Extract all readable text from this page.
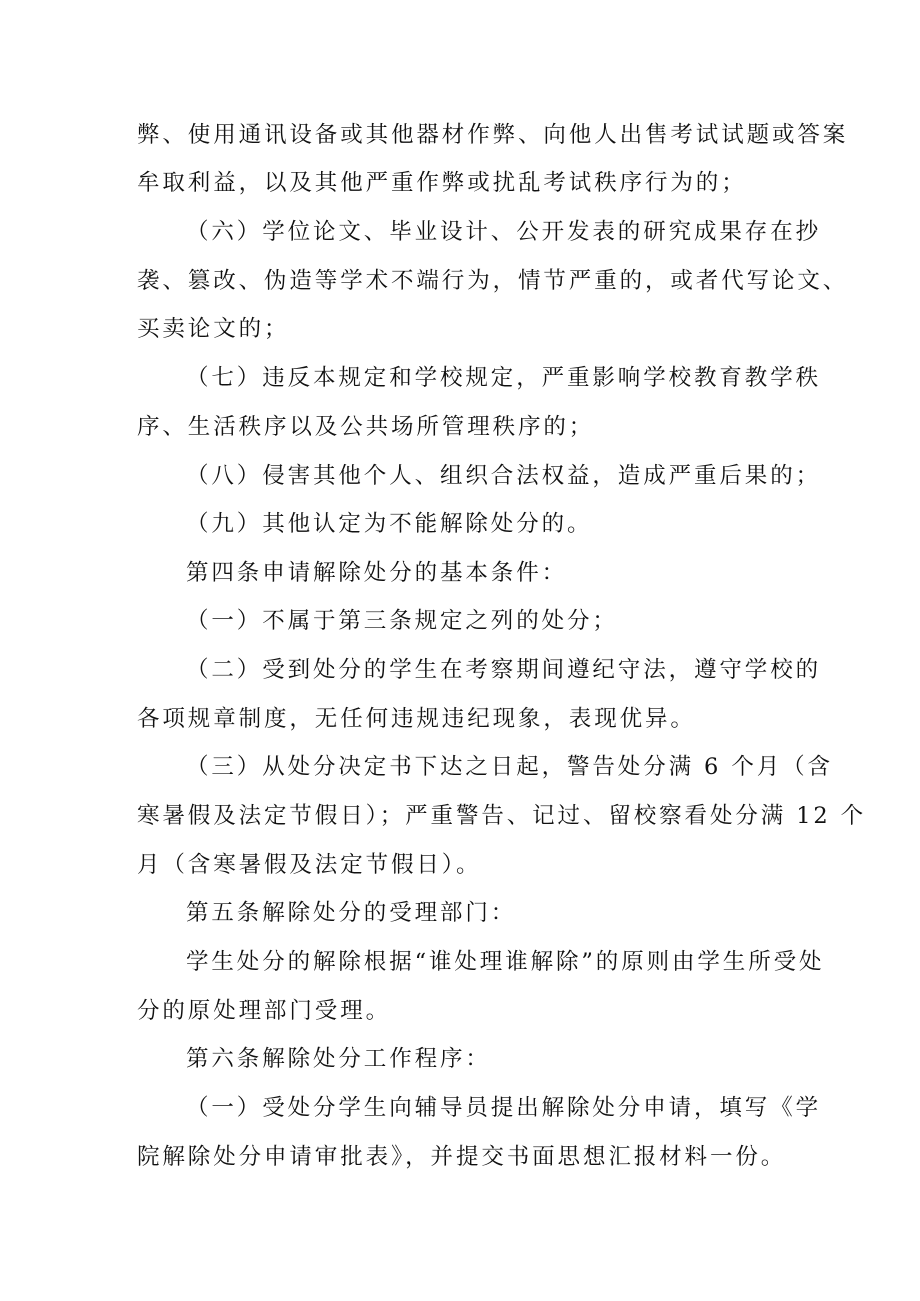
弊、使用通讯设备或其他器材作弊、向他人出售考试试题或答案
牟取利益，以及其他严重作弊或扰乱考试秩序行为的；
（六）学位论文、毕业设计、公开发表的研究成果存在抄
袭、篡改、伪造等学术不端行为，情节严重的，或者代写论文、
买卖论文的；
（七）违反本规定和学校规定，严重影响学校教育教学秩
序、生活秩序以及公共场所管理秩序的；
（八）侵害其他个人、组织合法权益，造成严重后果的；
（九）其他认定为不能解除处分的。
第四条申请解除处分的基本条件：
（一）不属于第三条规定之列的处分；
（二）受到处分的学生在考察期间遵纪守法，遵守学校的
各项规章制度，无任何违规违纪现象，表现优异。
（三）从处分决定书下达之日起，警告处分满 6 个月（含
寒暑假及法定节假日）；严重警告、记过、留校察看处分满 12 个
月（含寒暑假及法定节假日）。
第五条解除处分的受理部门：
学生处分的解除根据“谁处理谁解除”的原则由学生所受处
分的原处理部门受理。
第六条解除处分工作程序：
（一）受处分学生向辅导员提出解除处分申请，填写《学
院解除处分申请审批表》，并提交书面思想汇报材料一份。
